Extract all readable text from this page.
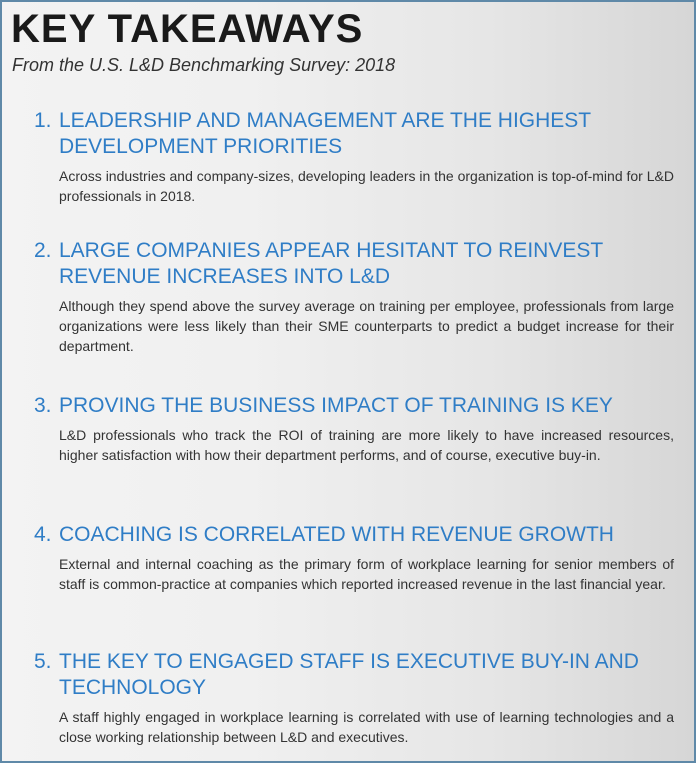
KEY TAKEAWAYS
From the U.S. L&D Benchmarking Survey: 2018
1. LEADERSHIP AND MANAGEMENT ARE THE HIGHEST DEVELOPMENT PRIORITIES

Across industries and company-sizes, developing leaders in the organization is top-of-mind for L&D professionals in 2018.

2. LARGE COMPANIES APPEAR HESITANT TO REINVEST REVENUE INCREASES INTO L&D

Although they spend above the survey average on training per employee, professionals from large organizations were less likely than their SME counterparts to predict a budget increase for their department.

3. PROVING THE BUSINESS IMPACT OF TRAINING IS KEY

L&D professionals who track the ROI of training are more likely to have increased resources, higher satisfaction with how their department performs, and of course, executive buy-in.

4. COACHING IS CORRELATED WITH REVENUE GROWTH

External and internal coaching as the primary form of workplace learning for senior members of staff is common-practice at companies which reported increased revenue in the last financial year.

5. THE KEY TO ENGAGED STAFF IS EXECUTIVE BUY-IN AND TECHNOLOGY

A staff highly engaged in workplace learning is correlated with use of learning technologies and a close working relationship between L&D and executives.
